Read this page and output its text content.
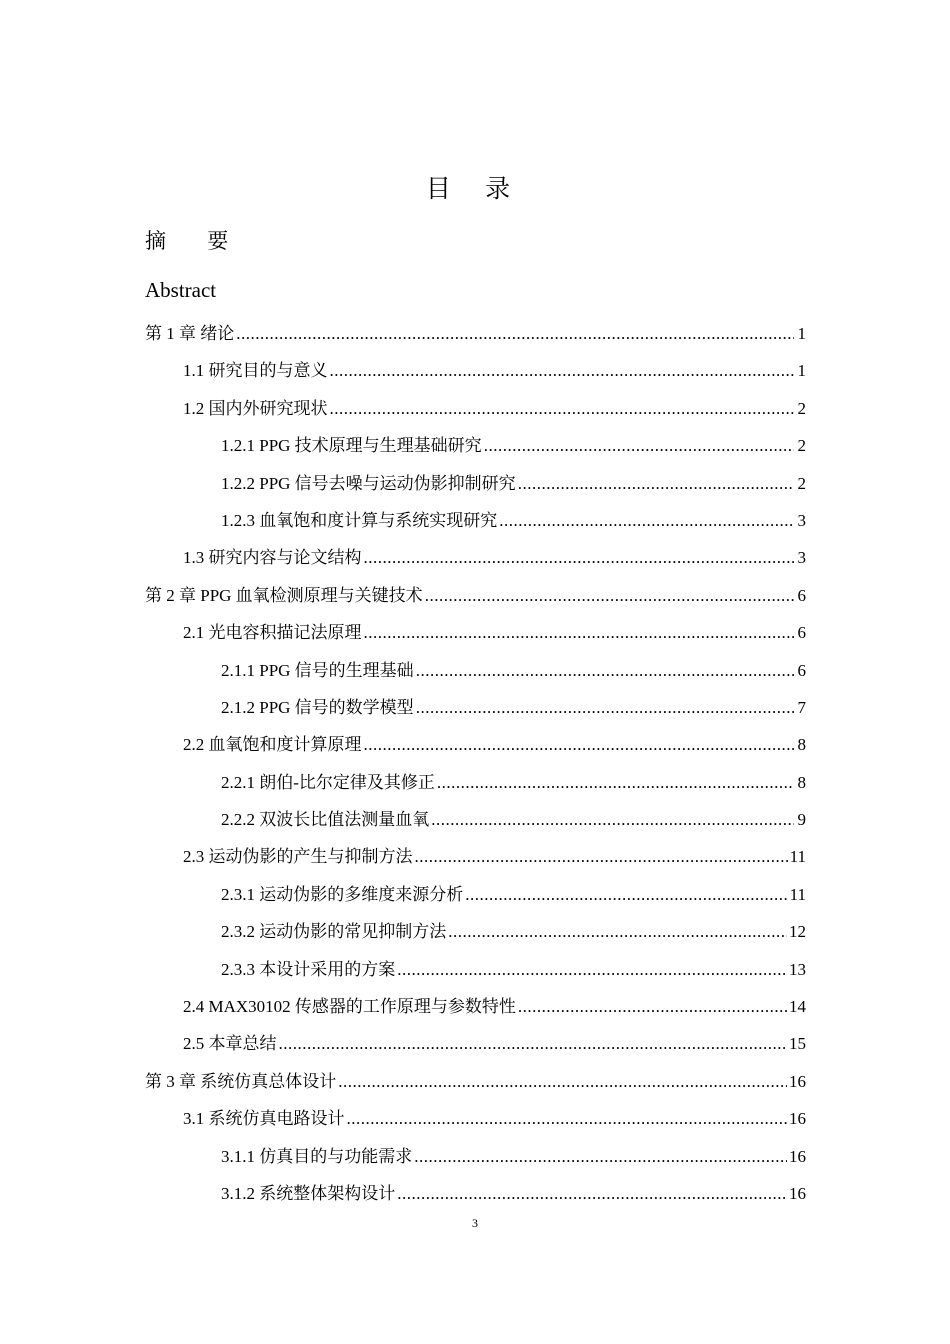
目 录
摘 要
Abstract
第 1 章 绪论 .....	1
1.1 研究目的与意义 .....	1
1.2 国内外研究现状 .....	2
1.2.1 PPG 技术原理与生理基础研究 .....	2
1.2.2 PPG 信号去噪与运动伪影抑制研究 .....	2
1.2.3 血氧饱和度计算与系统实现研究 .....	3
1.3 研究内容与论文结构 .....	3
第 2 章 PPG 血氧检测原理与关键技术 .....	6
2.1 光电容积描记法原理 .....	6
2.1.1 PPG 信号的生理基础 .....	6
2.1.2 PPG 信号的数学模型 .....	7
2.2 血氧饱和度计算原理 .....	8
2.2.1 朗伯-比尔定律及其修正 .....	8
2.2.2 双波长比值法测量血氧 .....	9
2.3 运动伪影的产生与抑制方法 .....	11
2.3.1 运动伪影的多维度来源分析 .....	11
2.3.2 运动伪影的常见抑制方法 .....	12
2.3.3 本设计采用的方案 .....	13
2.4 MAX30102 传感器的工作原理与参数特性 .....	14
2.5 本章总结 .....	15
第 3 章 系统仿真总体设计 .....	16
3.1 系统仿真电路设计 .....	16
3.1.1 仿真目的与功能需求 .....	16
3.1.2 系统整体架构设计 .....	16
3
